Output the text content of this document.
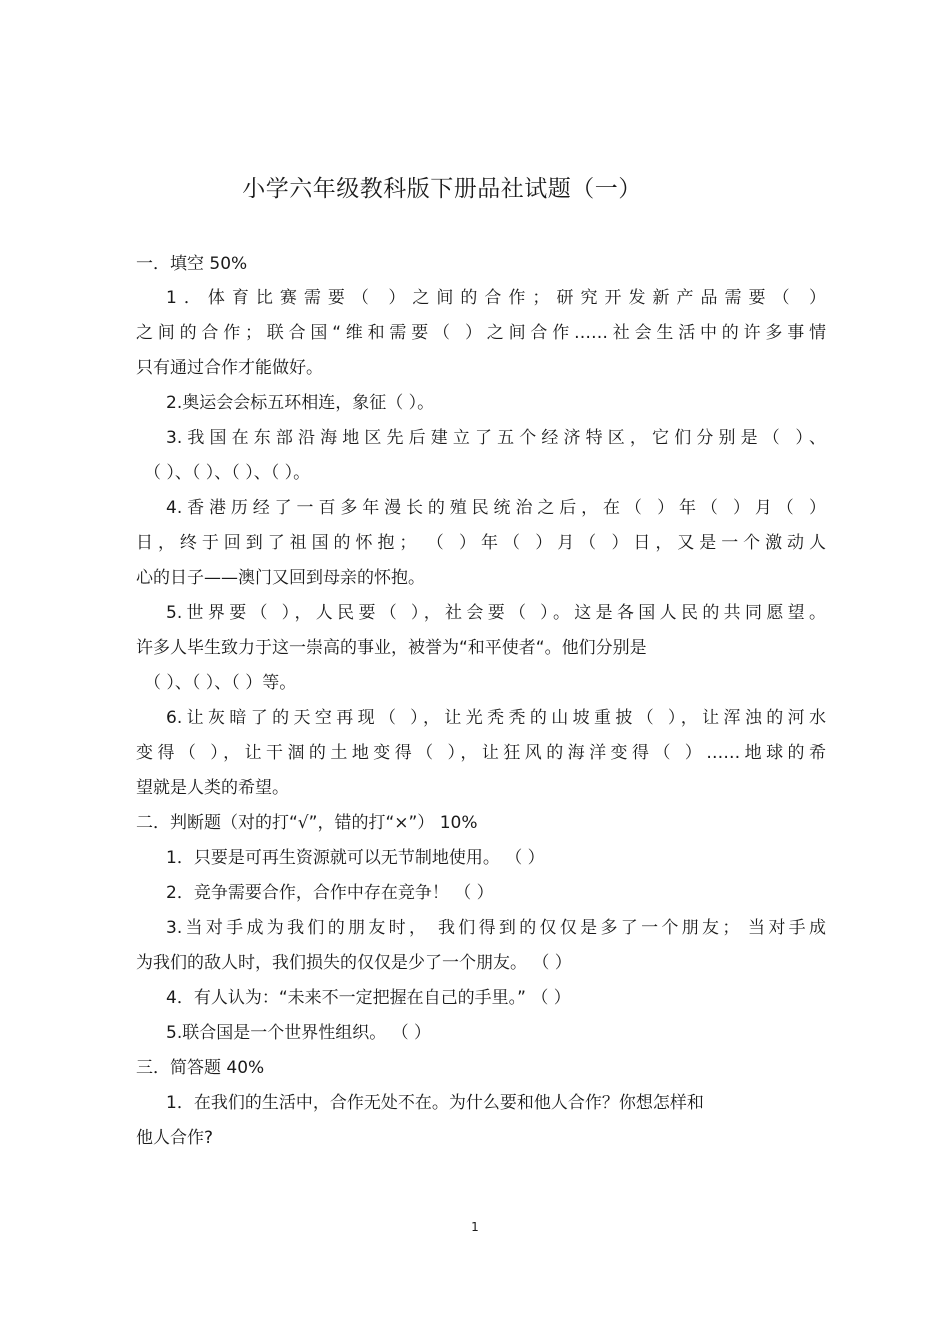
小学六年级教科版下册品社试题（一）
一．填空 50%
1．体育比赛需要（ ）之间的合作；研究开发新产品需要（ ）
之间的合作；联合国“维和需要（ ）之间合作……社会生活中的许多事情
只有通过合作才能做好。
2.奥运会会标五环相连，象征（ ）。
3.我国在东部沿海地区先后建立了五个经济特区，它们分别是（ ）、
（ ）、（ ）、（ ）、（ ）。
4.香港历经了一百多年漫长的殖民统治之后，在（ ）年（ ）月（ ）
日，终于回到了祖国的怀抱； （ ）年（ ）月（ ）日，又是一个激动人
心的日子——澳门又回到母亲的怀抱。
5.世界要（ ），人民要（ ），社会要（ ）。这是各国人民的共同愿望。
许多人毕生致力于这一崇高的事业，被誉为“和平使者“。他们分别是
（ ）、（ ）、（ ）等。
6.让灰暗了的天空再现（ ），让光秃秃的山坡重披（ ），让浑浊的河水
变得（ ），让干涸的土地变得（ ），让狂风的海洋变得（ ）……地球的希
望就是人类的希望。
二．判断题（对的打“√”，错的打“×”） 10%
1．只要是可再生资源就可以无节制地使用。 （ ）
2．竞争需要合作，合作中存在竞争！ （ ）
3.当对手成为我们的朋友时， 我们得到的仅仅是多了一个朋友； 当对手成
为我们的敌人时，我们损失的仅仅是少了一个朋友。 （ ）
4．有人认为：“未来不一定把握在自己的手里。” （ ）
5.联合国是一个世界性组织。 （ ）
三．简答题 40%
1．在我们的生活中，合作无处不在。为什么要和他人合作？你想怎样和
他人合作?
1
